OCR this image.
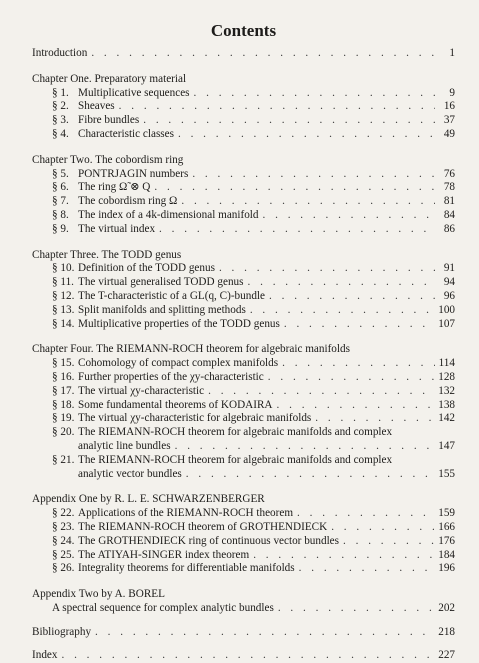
Contents
Introduction . . .	1
Chapter One. Preparatory material
§ 1. Multiplicative sequences . . .	9
§ 2. Sheaves . . .	16
§ 3. Fibre bundles . . .	37
§ 4. Characteristic classes . . .	49
Chapter Two. The cobordism ring
§ 5. PONTRJAGIN numbers . . .	76
§ 6. The ring Ω̃ ⊗ Q . . .	78
§ 7. The cobordism ring Ω . . .	81
§ 8. The index of a 4k-dimensional manifold . . .	84
§ 9. The virtual index . . .	86
Chapter Three. The TODD genus
§ 10. Definition of the TODD genus . . .	91
§ 11. The virtual generalised TODD genus . . .	94
§ 12. The T-characteristic of a GL(q, C)-bundle . . .	96
§ 13. Split manifolds and splitting methods . . .	100
§ 14. Multiplicative properties of the TODD genus . . .	107
Chapter Four. The RIEMANN-ROCH theorem for algebraic manifolds
§ 15. Cohomology of compact complex manifolds . . .	114
§ 16. Further properties of the χy-characteristic . . .	128
§ 17. The virtual χy-characteristic . . .	132
§ 18. Some fundamental theorems of KODAIRA . . .	138
§ 19. The virtual χy-characteristic for algebraic manifolds . . .	142
§ 20. The RIEMANN-ROCH theorem for algebraic manifolds and complex
analytic line bundles . . .	147
§ 21. The RIEMANN-ROCH theorem for algebraic manifolds and complex
analytic vector bundles . . .	155
Appendix One by R. L. E. SCHWARZENBERGER
§ 22. Applications of the RIEMANN-ROCH theorem . . .	159
§ 23. The RIEMANN-ROCH theorem of GROTHENDIECK . . .	166
§ 24. The GROTHENDIECK ring of continuous vector bundles . . .	176
§ 25. The ATIYAH-SINGER index theorem . . .	184
§ 26. Integrality theorems for differentiable manifolds . . .	196
Appendix Two by A. BOREL
A spectral sequence for complex analytic bundles . . .	202
Bibliography . . .	218
Index . . .	227
